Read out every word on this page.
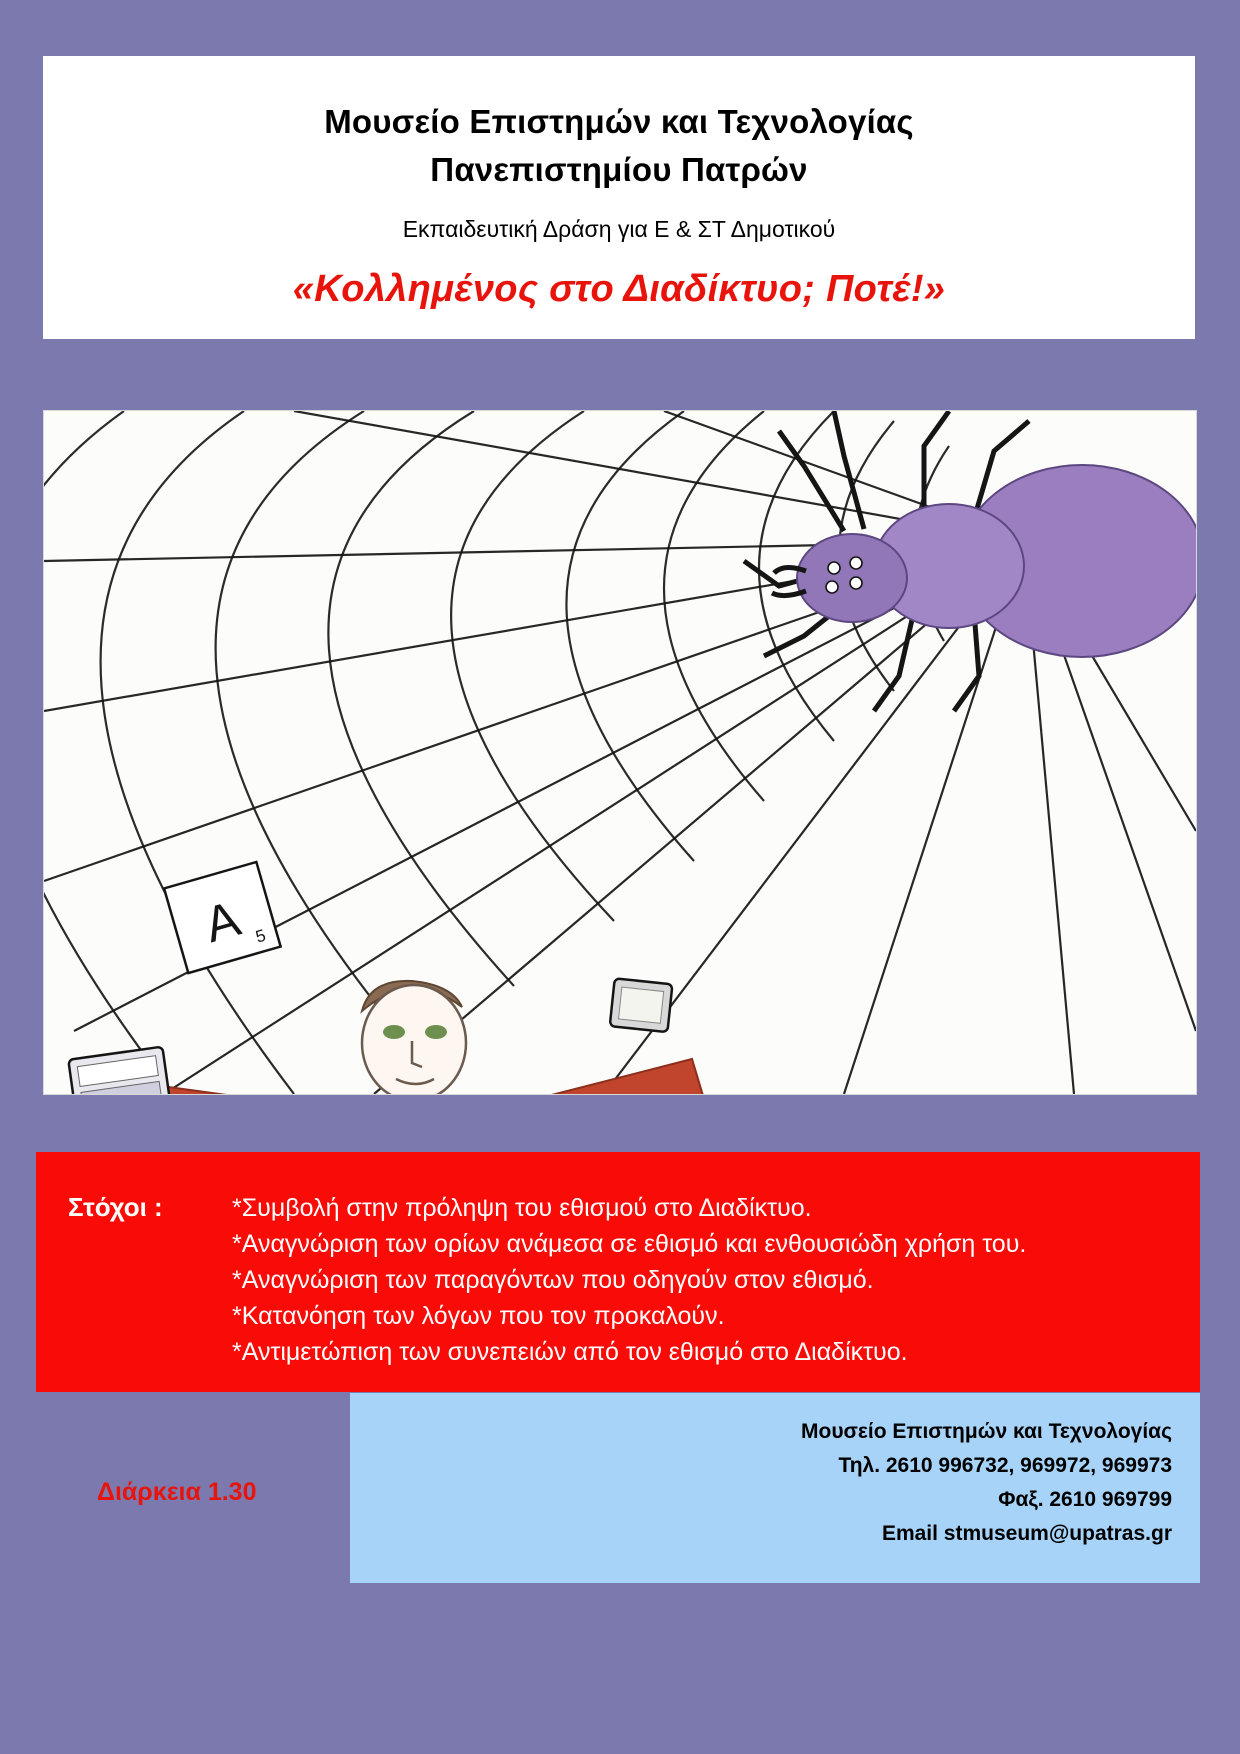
Μουσείο Επιστημών και Τεχνολογίας
Πανεπιστημίου Πατρών
Εκπαιδευτική Δράση για Ε & ΣΤ Δημοτικού
«Κολλημένος στο Διαδίκτυο; Ποτέ!»
A 5
Στόχοι :	*Συμβολή στην πρόληψη του εθισμού στο Διαδίκτυο.
*Αναγνώριση των ορίων ανάμεσα σε εθισμό και ενθουσιώδη χρήση του.
*Αναγνώριση των παραγόντων που οδηγούν στον εθισμό.
*Κατανόηση των λόγων που τον προκαλούν.
*Αντιμετώπιση των συνεπειών από τον εθισμό στο Διαδίκτυο.
Μουσείο Επιστημών και Τεχνολογίας
Τηλ. 2610 996732, 969972, 969973
Φαξ. 2610 969799
Email stmuseum@upatras.gr
Διάρκεια 1.30
